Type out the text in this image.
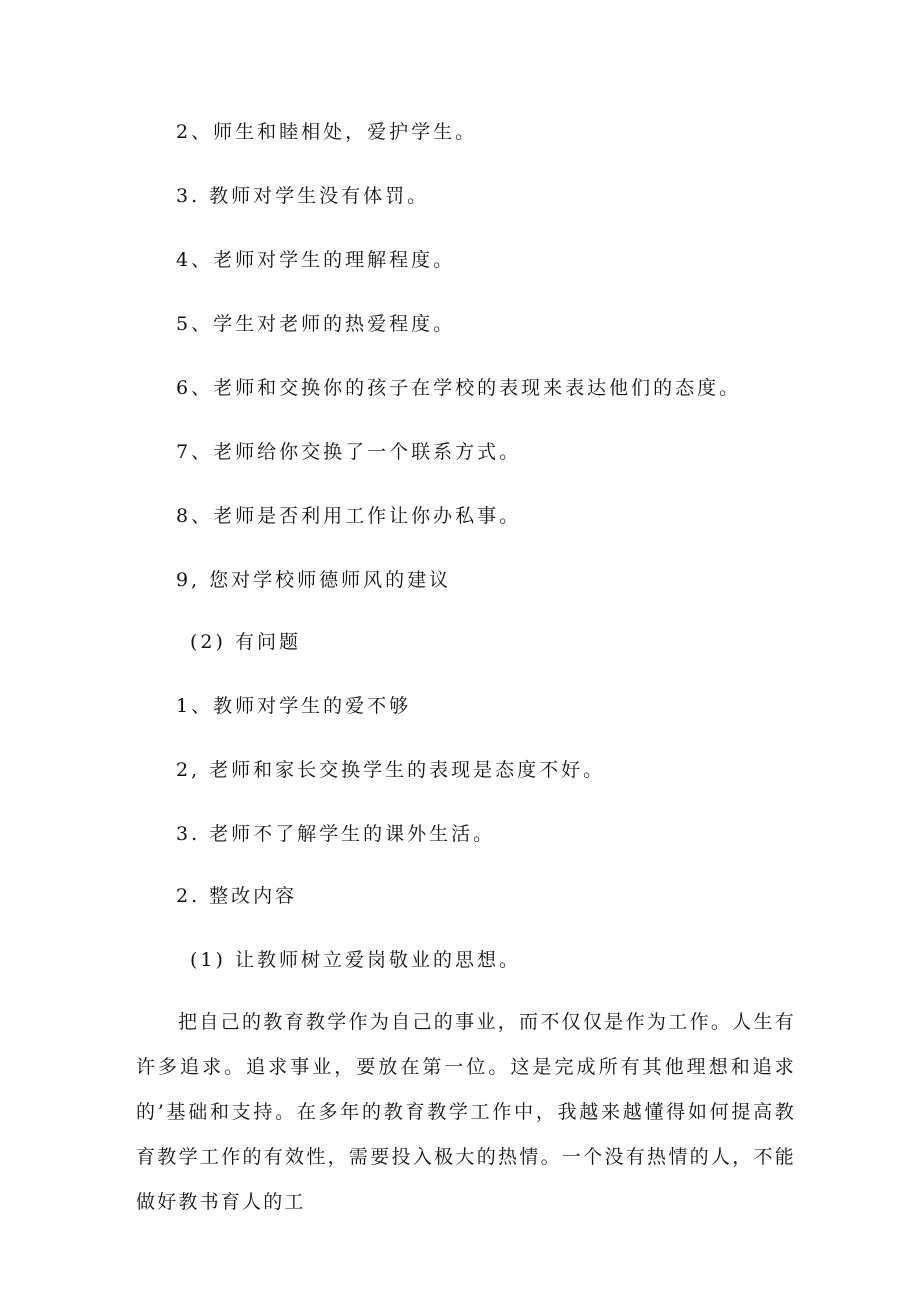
2、师生和睦相处，爱护学生。
3. 教师对学生没有体罚。
4、老师对学生的理解程度。
5、学生对老师的热爱程度。
6、老师和交换你的孩子在学校的表现来表达他们的态度。
7、老师给你交换了一个联系方式。
8、老师是否利用工作让你办私事。
9, 您对学校师德师风的建议
(2) 有问题
1、教师对学生的爱不够
2, 老师和家长交换学生的表现是态度不好。
3. 老师不了解学生的课外生活。
2. 整改内容
(1) 让教师树立爱岗敬业的思想。
把自己的教育教学作为自己的事业，而不仅仅是作为工作。人生有许多追求。追求事业，要放在第一位。这是完成所有其他理想和追求的’基础和支持。在多年的教育教学工作中，我越来越懂得如何提高教育教学工作的有效性，需要投入极大的热情。一个没有热情的人，不能做好教书育人的工
